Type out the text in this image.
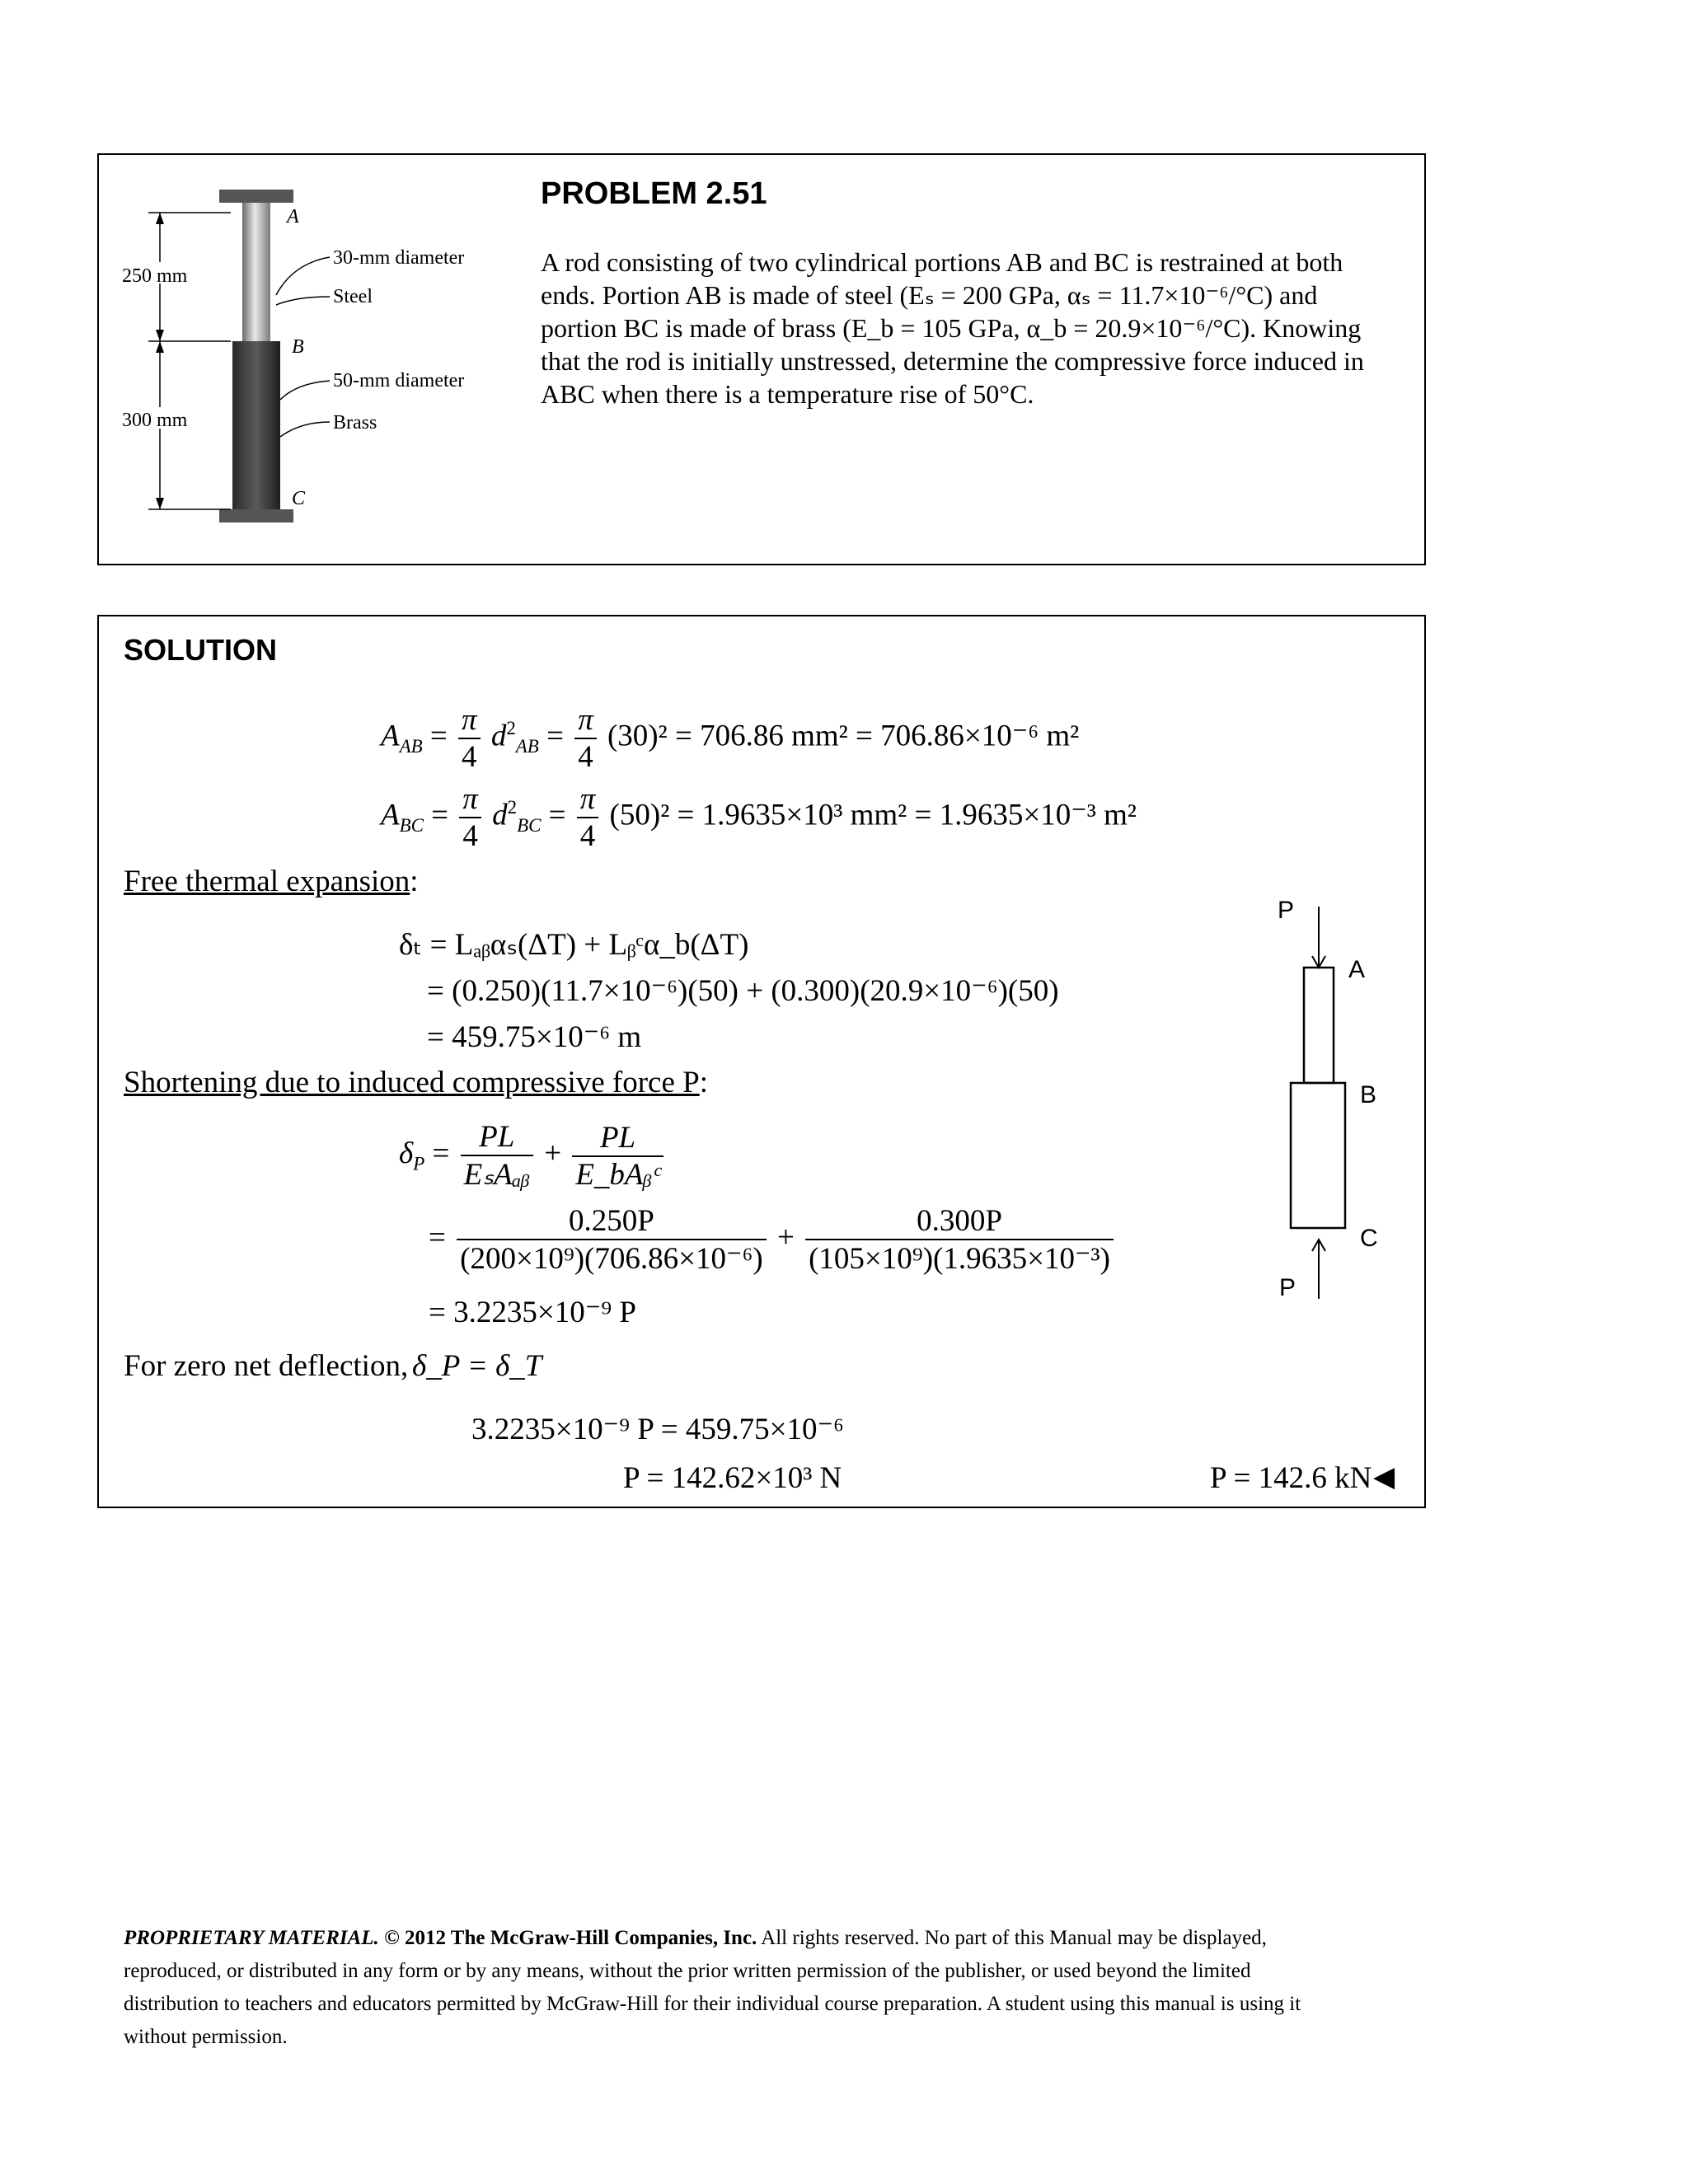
A
B
C
250 mm
300 mm
30-mm diameter
Steel
50-mm diameter
Brass
PROBLEM 2.51
A rod consisting of two cylindrical portions AB and BC is restrained at both
ends. Portion AB is made of steel (Eₛ = 200 GPa, αₛ = 11.7×10⁻⁶/°C) and
portion BC is made of brass (E_b = 105 GPa, α_b = 20.9×10⁻⁶/°C). Knowing
that the rod is initially unstressed, determine the compressive force induced in
ABC when there is a temperature rise of 50°C.
SOLUTION
$A_{AB} = \frac{\pi}{4} d^2_{AB} = \frac{\pi}{4} (30)^2 = 706.86$ mm² = 706.86×10⁻⁶ m²
$A_{BC} = \frac{\pi}{4} d^2_{BC} = \frac{\pi}{4} (50)^2 = 1.9635\times 10^3$ mm² = 1.9635×10⁻³ m²
Free thermal expansion:
δₜ = Lₐᵦαₛ(ΔT) + Lᵦᶜα_b(ΔT)
= (0.250)(11.7×10⁻⁶)(50) + (0.300)(20.9×10⁻⁶)(50)
= 459.75×10⁻⁶ m
Shortening due to induced compressive force P:
$\delta_P = \frac{PL}{\text{EₛAₐᵦ}} + \frac{PL}{\text{E\_bAᵦᶜ}}$
= $\frac{0.250P}{\text{(200×10⁹)(706.86×10⁻⁶)}} + \frac{0.300P}{\text{(105×10⁹)(1.9635×10⁻³)}}$
= 3.2235×10⁻⁹ P
For zero net deflection, δ_P = δ_T
3.2235×10⁻⁹ P = 459.75×10⁻⁶
P = 142.62×10³ N	P = 142.6 kN ◀
P
A
B
C
P
PROPRIETARY MATERIAL. © 2012 The McGraw-Hill Companies, Inc. All rights reserved. No part of this Manual may be displayed,
reproduced, or distributed in any form or by any means, without the prior written permission of the publisher, or used beyond the limited
distribution to teachers and educators permitted by McGraw-Hill for their individual course preparation. A student using this manual is using it
without permission.
